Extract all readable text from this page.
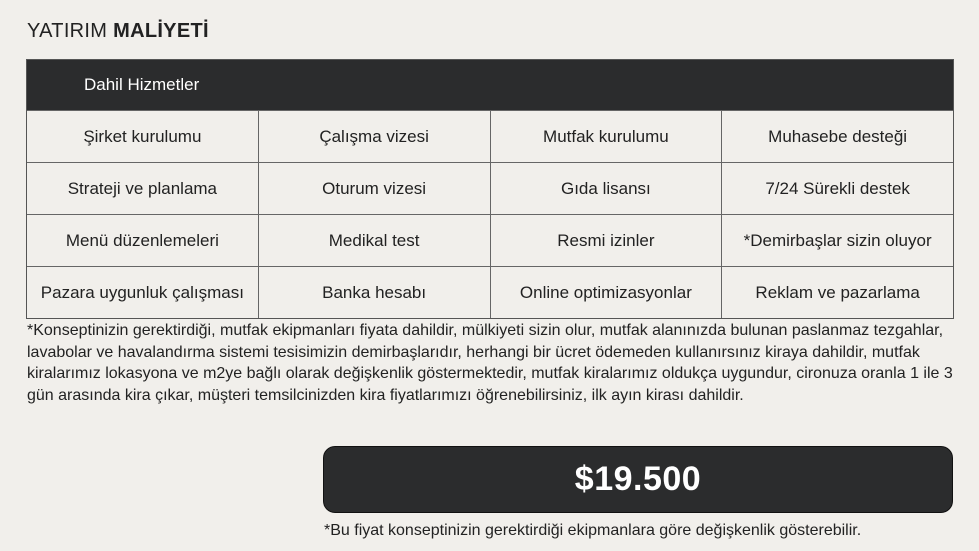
YATIRIM MALİYETİ
Dahil Hizmetler
Şirket kurulumu	Çalışma vizesi	Mutfak kurulumu	Muhasebe desteği
Strateji ve planlama	Oturum vizesi	Gıda lisansı	7/24 Sürekli destek
Menü düzenlemeleri	Medikal test	Resmi izinler	*Demirbaşlar sizin oluyor
Pazara uygunluk çalışması	Banka hesabı	Online optimizasyonlar	Reklam ve pazarlama
*Konseptinizin gerektirdiği, mutfak ekipmanları fiyata dahildir, mülkiyeti sizin olur, mutfak alanınızda bulunan paslanmaz tezgahlar, lavabolar ve havalandırma sistemi tesisimizin demirbaşlarıdır, herhangi bir ücret ödemeden kullanırsınız kiraya dahildir, mutfak kiralarımız lokasyona ve m2ye bağlı olarak değişkenlik göstermektedir, mutfak kiralarımız oldukça uygundur, cironuza oranla 1 ile 3 gün arasında kira çıkar, müşteri temsilcinizden kira fiyatlarımızı öğrenebilirsiniz, ilk ayın kirası dahildir.
$19.500
*Bu fiyat konseptinizin gerektirdiği ekipmanlara göre değişkenlik gösterebilir.
